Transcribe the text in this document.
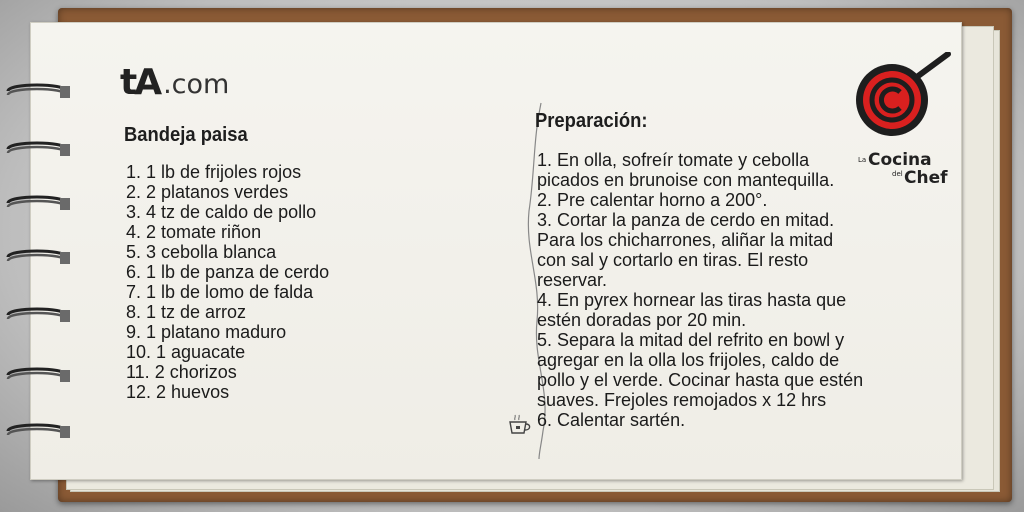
tA .com
Bandeja paisa
1. 1 lb de frijoles rojos
2. 2 platanos verdes
3. 4 tz de caldo de pollo
4. 2 tomate riñon
5. 3 cebolla blanca
6. 1 lb de panza de cerdo
7. 1 lb de lomo de falda
8. 1 tz de arroz
9. 1 platano maduro
10. 1 aguacate
11. 2 chorizos
12. 2 huevos
Preparación:
1. En olla, sofreír tomate y cebolla
picados en brunoise con mantequilla.
2. Pre calentar horno a 200°.
3. Cortar la panza de cerdo en mitad.
Para los chicharrones, aliñar la mitad
con sal y cortarlo en tiras. El resto
reservar.
4. En pyrex hornear las tiras hasta que
estén doradas por 20 min.
5. Separa la mitad del refrito en bowl y
agregar en la olla los frijoles, caldo de
pollo y el verde. Cocinar hasta que estén
suaves. Frejoles remojados x 12 hrs
6. Calentar sartén.
La Cocina
del Chef
